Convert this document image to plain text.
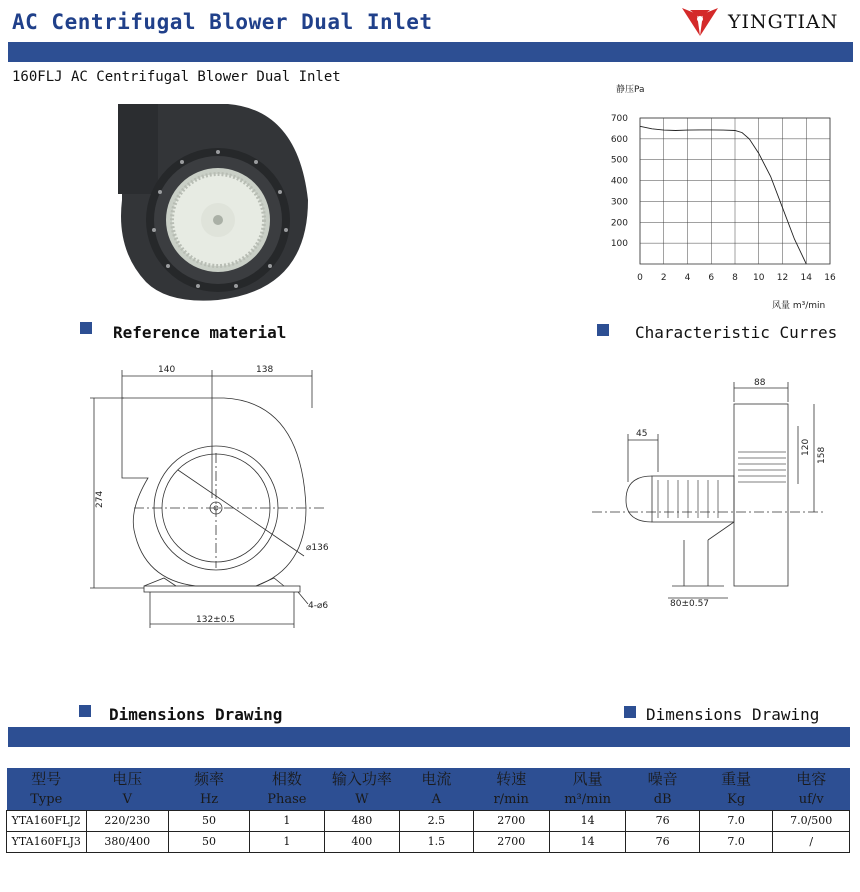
AC Centrifugal Blower Dual Inlet	YINGTIAN
160FLJ AC Centrifugal Blower Dual Inlet
静压Pa
100
200
300
400
500
600
700
0 2 4 6 8 10 12 14 16
风量 m³/min
Reference material	Characteristic Curres
140	138
274
⌀136
132±0.5
4-⌀6
88
45
120 158
80±0.57
Dimensions Drawing	Dimensions Drawing
型号	电压	频率	相数	输入功率	电流	转速	风量	噪音	重量	电容
Type	V	Hz	Phase	W	A	r/min	m³/min	dB	Kg	uf/v
YTA160FLJ2	220/230	50	1	480	2.5	2700	14	76	7.0	7.0/500
YTA160FLJ3	380/400	50	1	400	1.5	2700	14	76	7.0	/
